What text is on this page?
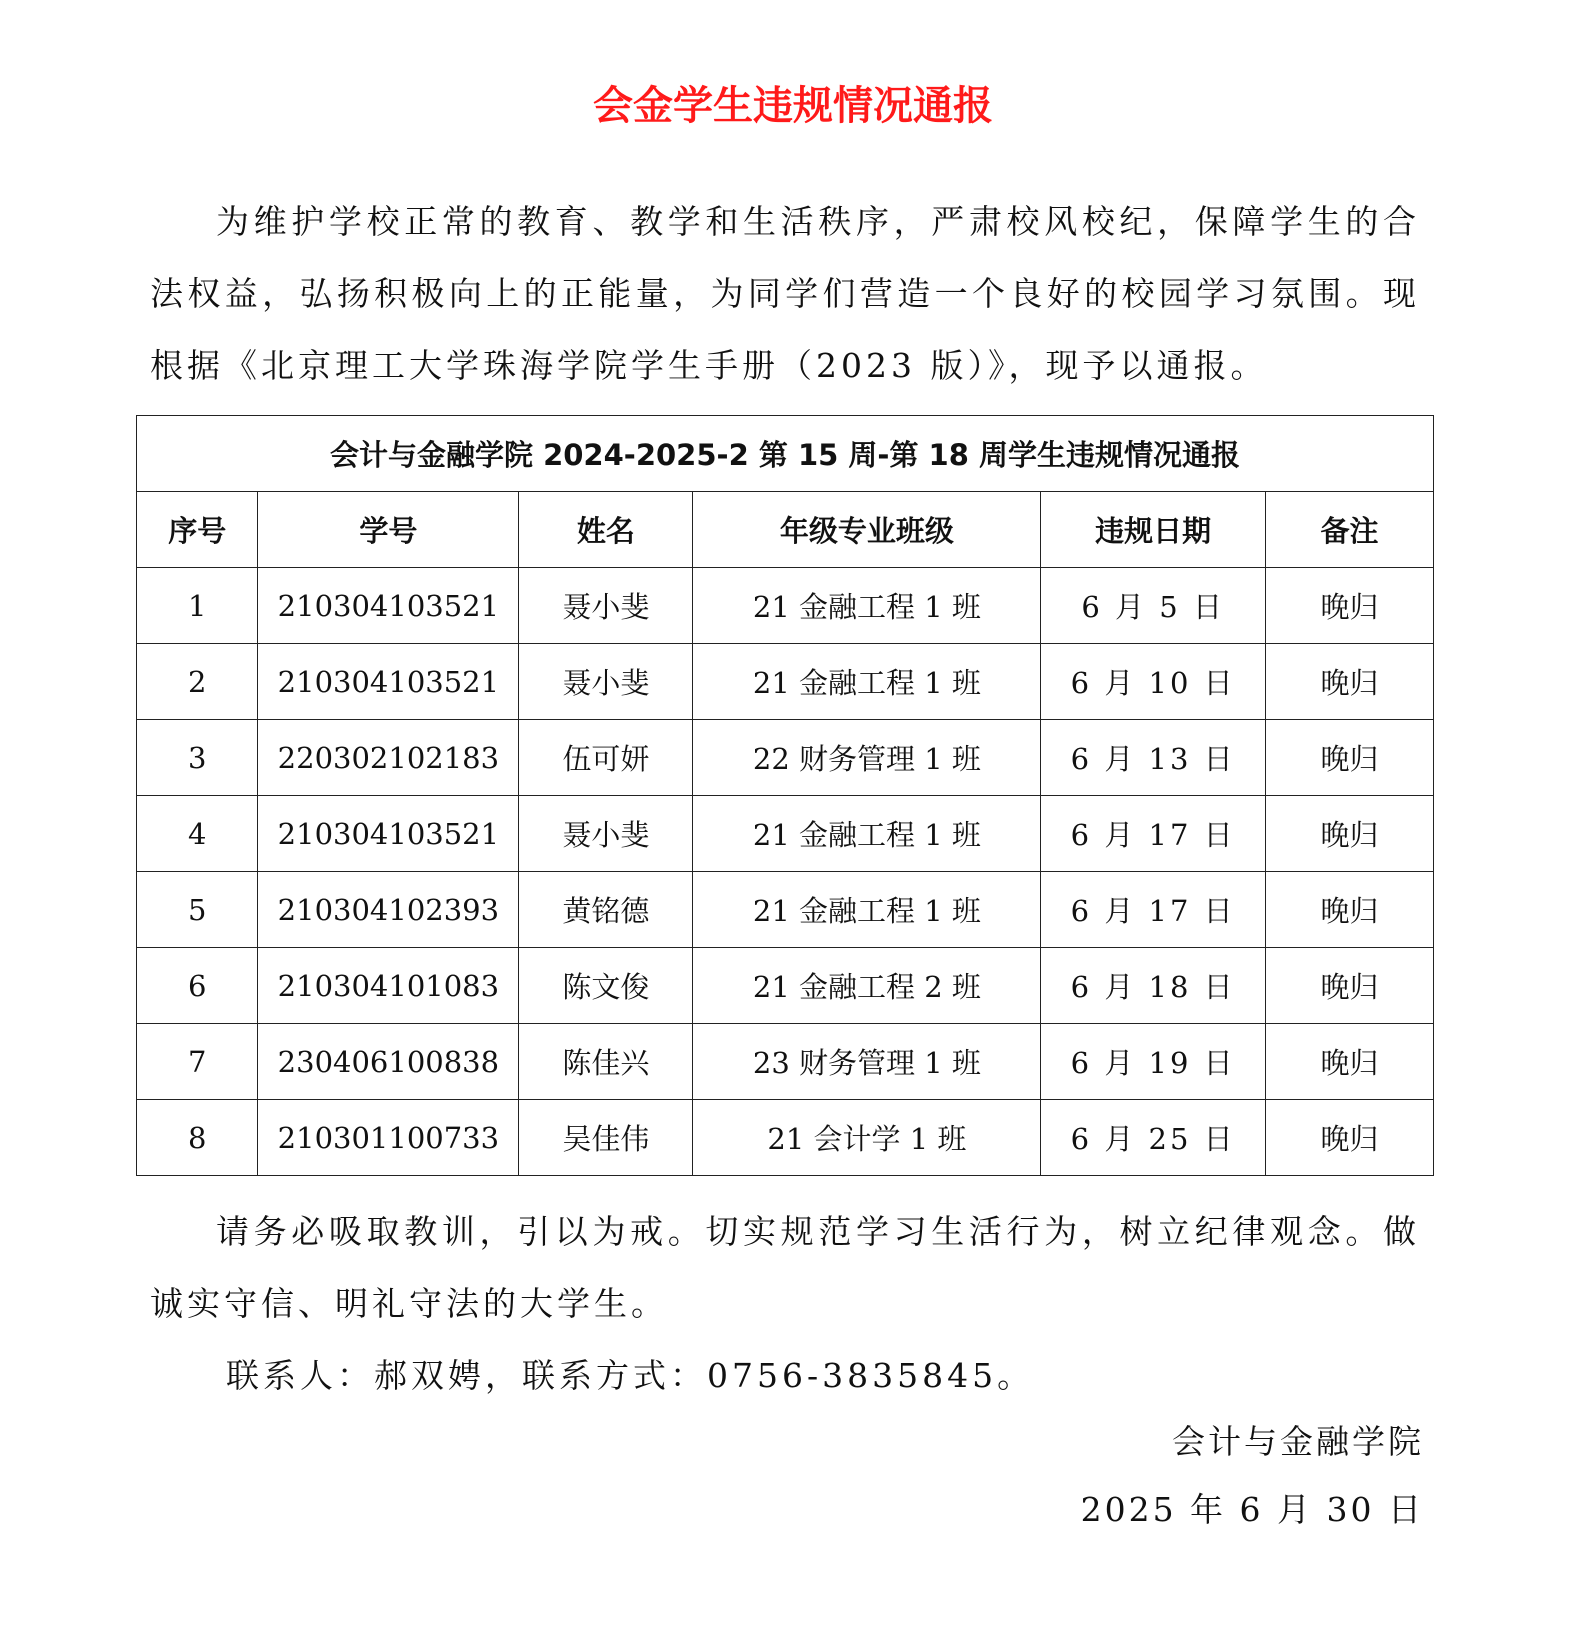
会金学生违规情况通报

为维护学校正常的教育、教学和生活秩序，严肃校风校纪，保障学生的合法权益，弘扬积极向上的正能量，为同学们营造一个良好的校园学习氛围。现根据《北京理工大学珠海学院学生手册（2023 版）》，现予以通报。

会计与金融学院 2024-2025-2 第 15 周-第 18 周学生违规情况通报					
序号	学号	姓名	年级专业班级	违规日期	备注
1	210304103521	聂小斐	21 金融工程 1 班	6 月 5 日	晚归
2	210304103521	聂小斐	21 金融工程 1 班	6 月 10 日	晚归
3	220302102183	伍可妍	22 财务管理 1 班	6 月 13 日	晚归
4	210304103521	聂小斐	21 金融工程 1 班	6 月 17 日	晚归
5	210304102393	黄铭德	21 金融工程 1 班	6 月 17 日	晚归
6	210304101083	陈文俊	21 金融工程 2 班	6 月 18 日	晚归
7	230406100838	陈佳兴	23 财务管理 1 班	6 月 19 日	晚归
8	210301100733	吴佳伟	21 会计学 1 班	6 月 25 日	晚归

请务必吸取教训，引以为戒。切实规范学习生活行为，树立纪律观念。做诚实守信、明礼守法的大学生。

联系人：郝双娉，联系方式：0756-3835845。
会计与金融学院
2025 年 6 月 30 日
